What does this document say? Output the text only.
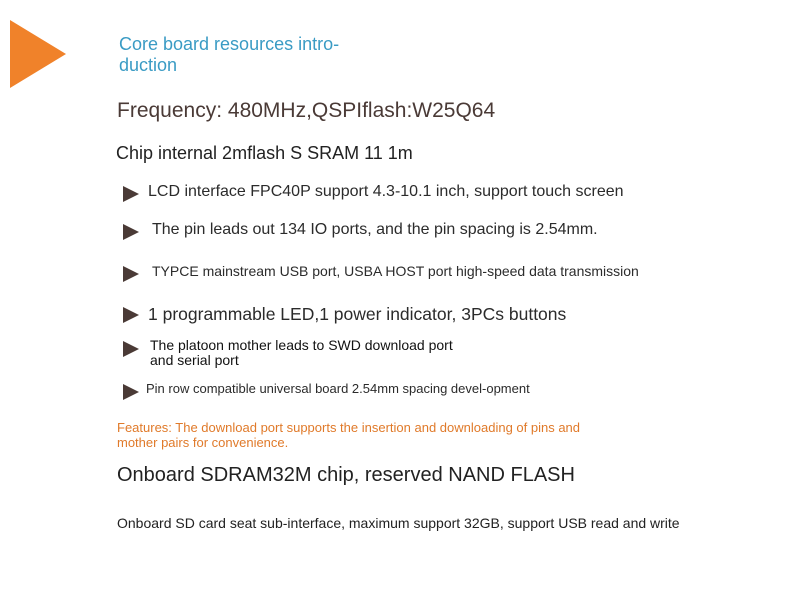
Core board resources intro-duction
Frequency: 480MHz,QSPIflash:W25Q64
Chip internal 2mflash S SRAM 11 1m
LCD interface FPC40P support 4.3-10.1 inch, support touch screen
The pin leads out 134 IO ports, and the pin spacing is 2.54mm.
TYPCE mainstream USB port, USBA HOST port high-speed data transmission
1 programmable LED,1 power indicator, 3PCs buttons
The platoon mother leads to SWD download port and serial port
Pin row compatible universal board 2.54mm spacing devel-opment
Features: The download port supports the insertion and downloading of pins and mother pairs for convenience.
Onboard SDRAM32M chip, reserved NAND FLASH
Onboard SD card seat sub-interface, maximum support 32GB, support USB read and write
